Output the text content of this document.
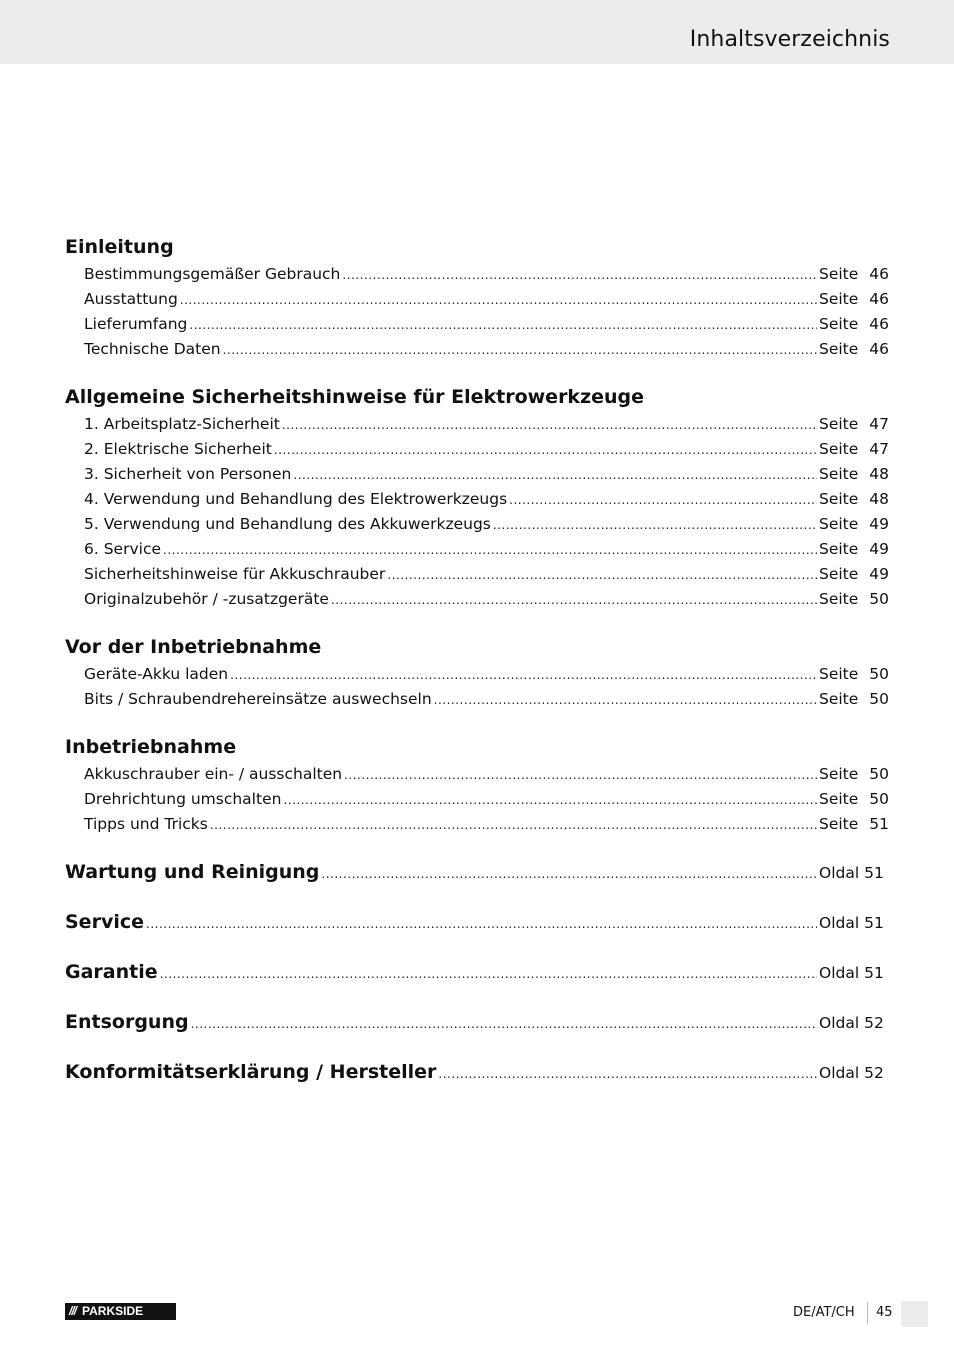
Inhaltsverzeichnis
Einleitung
Bestimmungsgemäßer Gebrauch .....	Seite 46
Ausstattung .....	Seite 46
Lieferumfang .....	Seite 46
Technische Daten .....	Seite 46
Allgemeine Sicherheitshinweise für Elektrowerkzeuge
1. Arbeitsplatz-Sicherheit .....	Seite 47
2. Elektrische Sicherheit .....	Seite 47
3. Sicherheit von Personen .....	Seite 48
4. Verwendung und Behandlung des Elektrowerkzeugs .....	Seite 48
5. Verwendung und Behandlung des Akkuwerkzeugs .....	Seite 49
6. Service .....	Seite 49
Sicherheitshinweise für Akkuschrauber .....	Seite 49
Originalzubehör / -zusatzgeräte .....	Seite 50
Vor der Inbetriebnahme
Geräte-Akku laden .....	Seite 50
Bits / Schraubendrehereinsätze auswechseln .....	Seite 50
Inbetriebnahme
Akkuschrauber ein- / ausschalten .....	Seite 50
Drehrichtung umschalten .....	Seite 50
Tipps und Tricks .....	Seite 51
Wartung und Reinigung .....	Oldal 51
Service .....	Oldal 51
Garantie .....	Oldal 51
Entsorgung .....	Oldal 52
Konformitätserklärung / Hersteller .....	Oldal 52
/// PARKSIDE	DE/AT/CH 45
